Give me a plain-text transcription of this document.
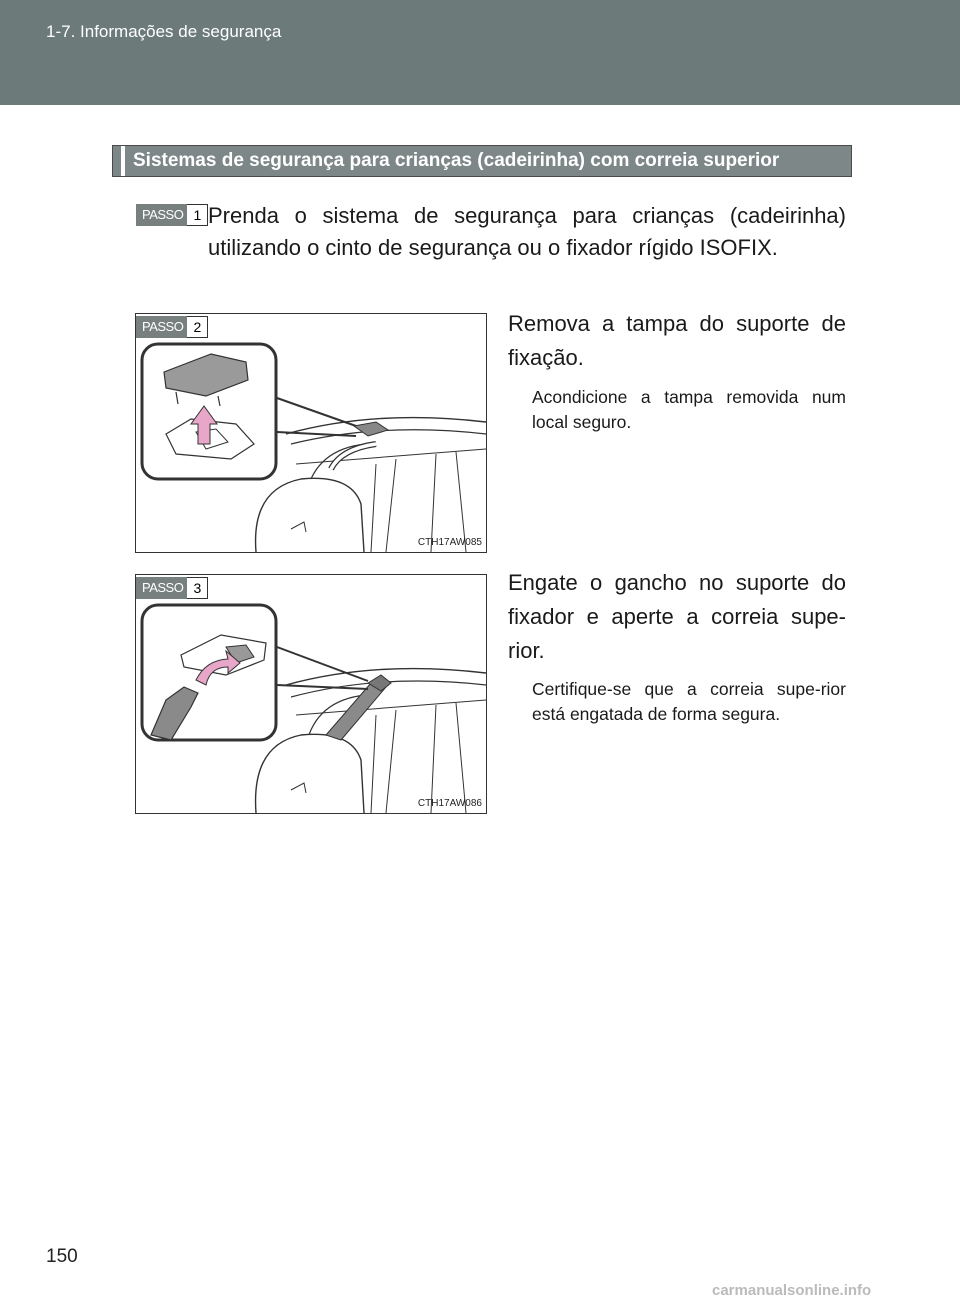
1-7. Informações de segurança
Sistemas de segurança para crianças (cadeirinha) com correia superior
PASSO 1 Prenda o sistema de segurança para crianças (cadeirinha) utilizando o cinto de segurança ou o fixador rígido ISOFIX.
CTH17AW085
PASSO 2	Remova a tampa do suporte de fixação.
Acondicione a tampa removida num local seguro.
CTH17AW086
PASSO 3	Engate o gancho no suporte do fixador e aperte a correia supe-rior.
Certifique-se que a correia supe-rior está engatada de forma segura.
150
carmanualsonline.info
